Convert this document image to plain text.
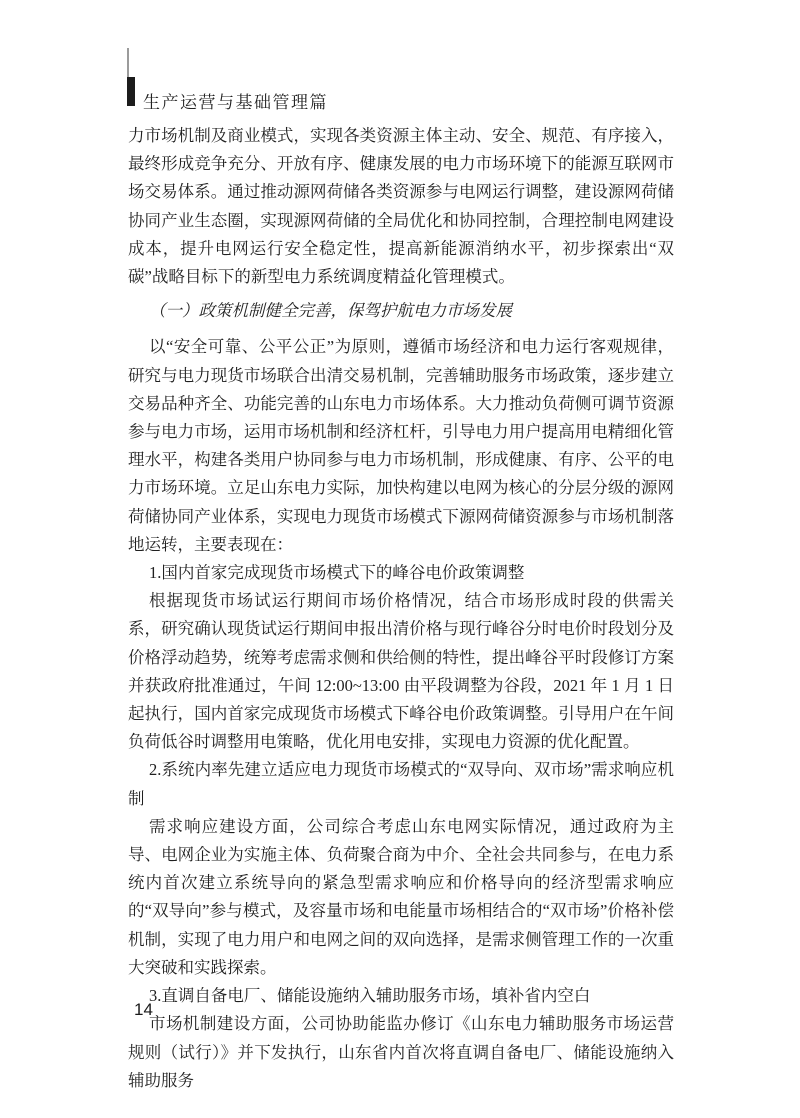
生产运营与基础管理篇

力市场机制及商业模式，实现各类资源主体主动、安全、规范、有序接入，最终形成竞争充分、开放有序、健康发展的电力市场环境下的能源互联网市场交易体系。通过推动源网荷储各类资源参与电网运行调整，建设源网荷储协同产业生态圈，实现源网荷储的全局优化和协同控制，合理控制电网建设成本，提升电网运行安全稳定性，提高新能源消纳水平，初步探索出“双碳”战略目标下的新型电力系统调度精益化管理模式。

（一）政策机制健全完善，保驾护航电力市场发展

以“安全可靠、公平公正”为原则，遵循市场经济和电力运行客观规律，研究与电力现货市场联合出清交易机制，完善辅助服务市场政策，逐步建立交易品种齐全、功能完善的山东电力市场体系。大力推动负荷侧可调节资源参与电力市场，运用市场机制和经济杠杆，引导电力用户提高用电精细化管理水平，构建各类用户协同参与电力市场机制，形成健康、有序、公平的电力市场环境。立足山东电力实际，加快构建以电网为核心的分层分级的源网荷储协同产业体系，实现电力现货市场模式下源网荷储资源参与市场机制落地运转，主要表现在：

1.国内首家完成现货市场模式下的峰谷电价政策调整

根据现货市场试运行期间市场价格情况，结合市场形成时段的供需关系，研究确认现货试运行期间申报出清价格与现行峰谷分时电价时段划分及价格浮动趋势，统筹考虑需求侧和供给侧的特性，提出峰谷平时段修订方案并获政府批准通过，午间 12:00~13:00 由平段调整为谷段，2021 年 1 月 1 日起执行，国内首家完成现货市场模式下峰谷电价政策调整。引导用户在午间负荷低谷时调整用电策略，优化用电安排，实现电力资源的优化配置。

2.系统内率先建立适应电力现货市场模式的“双导向、双市场”需求响应机制

需求响应建设方面，公司综合考虑山东电网实际情况，通过政府为主导、电网企业为实施主体、负荷聚合商为中介、全社会共同参与，在电力系统内首次建立系统导向的紧急型需求响应和价格导向的经济型需求响应的“双导向”参与模式，及容量市场和电能量市场相结合的“双市场”价格补偿机制，实现了电力用户和电网之间的双向选择，是需求侧管理工作的一次重大突破和实践探索。

3.直调自备电厂、储能设施纳入辅助服务市场，填补省内空白

市场机制建设方面，公司协助能监办修订《山东电力辅助服务市场运营规则（试行）》并下发执行，山东省内首次将直调自备电厂、储能设施纳入辅助服务

14
